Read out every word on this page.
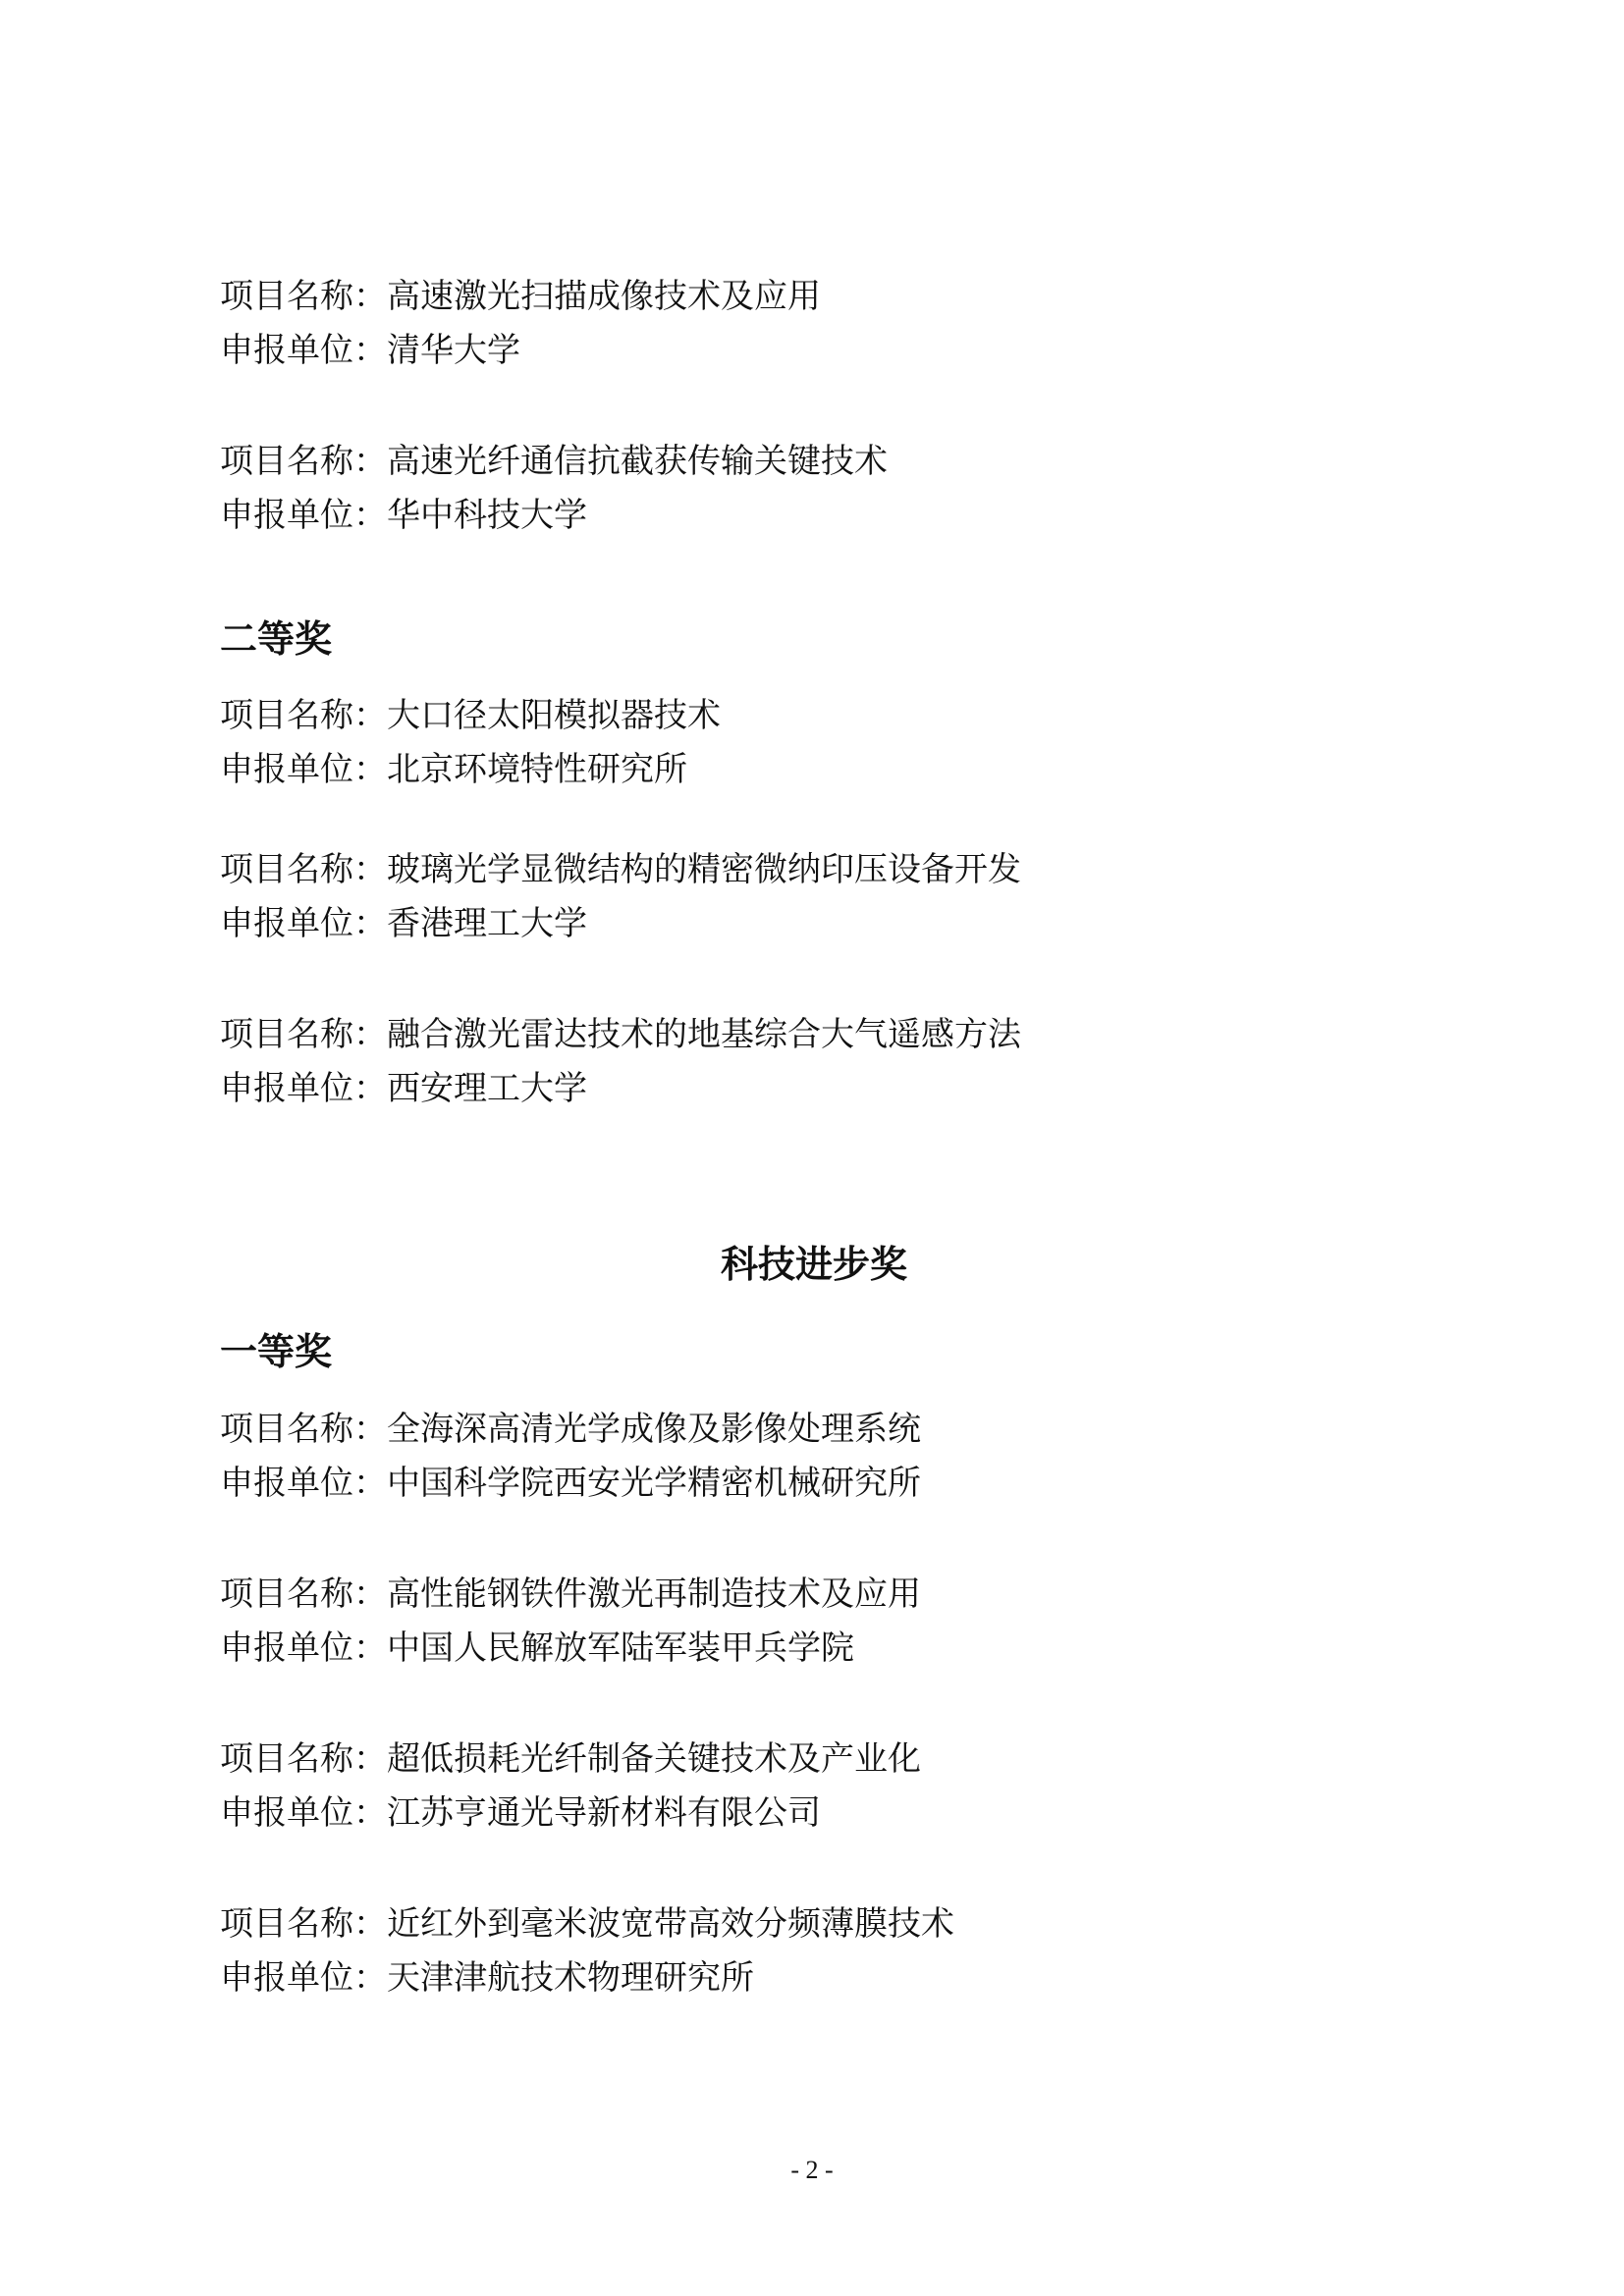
项目名称：高速激光扫描成像技术及应用
申报单位：清华大学
项目名称：高速光纤通信抗截获传输关键技术
申报单位：华中科技大学
二等奖
项目名称：大口径太阳模拟器技术
申报单位：北京环境特性研究所
项目名称：玻璃光学显微结构的精密微纳印压设备开发
申报单位：香港理工大学
项目名称：融合激光雷达技术的地基综合大气遥感方法
申报单位：西安理工大学
科技进步奖
一等奖
项目名称：全海深高清光学成像及影像处理系统
申报单位：中国科学院西安光学精密机械研究所
项目名称：高性能钢铁件激光再制造技术及应用
申报单位：中国人民解放军陆军装甲兵学院
项目名称：超低损耗光纤制备关键技术及产业化
申报单位：江苏亨通光导新材料有限公司
项目名称：近红外到毫米波宽带高效分频薄膜技术
申报单位：天津津航技术物理研究所
- 2 -
